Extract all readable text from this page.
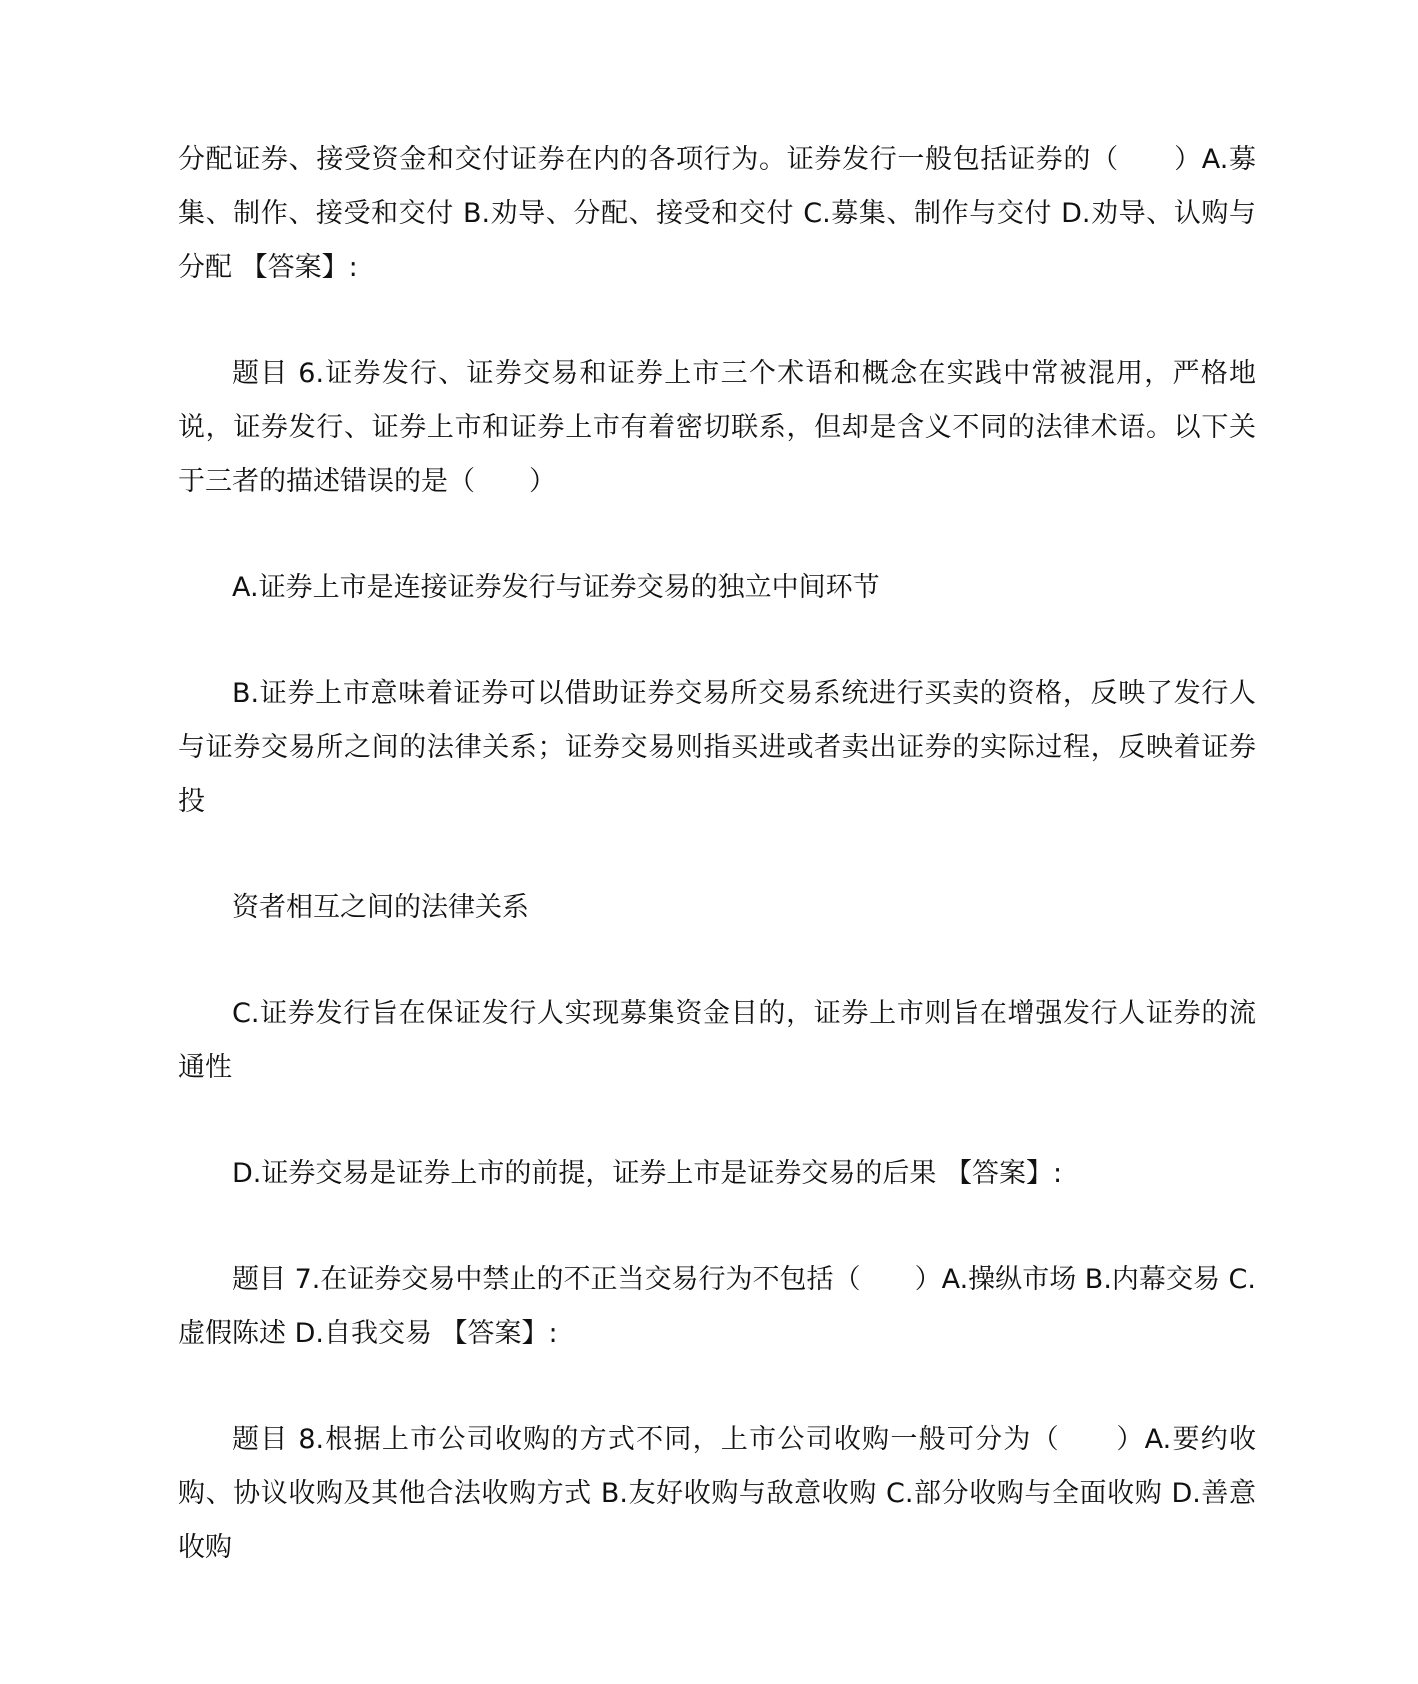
分配证券、接受资金和交付证券在内的各项行为。证券发行一般包括证券的（　　）A.募集、制作、接受和交付 B.劝导、分配、接受和交付 C.募集、制作与交付 D.劝导、认购与分配 【答案】:

题目 6.证券发行、证券交易和证券上市三个术语和概念在实践中常被混用，严格地说，证券发行、证券上市和证券上市有着密切联系，但却是含义不同的法律术语。以下关于三者的描述错误的是（　　）

A.证券上市是连接证券发行与证券交易的独立中间环节

B.证券上市意味着证券可以借助证券交易所交易系统进行买卖的资格，反映了发行人与证券交易所之间的法律关系；证券交易则指买进或者卖出证券的实际过程，反映着证券投

资者相互之间的法律关系

C.证券发行旨在保证发行人实现募集资金目的，证券上市则旨在增强发行人证券的流通性

D.证券交易是证券上市的前提，证券上市是证券交易的后果 【答案】:

题目 7.在证券交易中禁止的不正当交易行为不包括（　　）A.操纵市场 B.内幕交易 C.虚假陈述 D.自我交易 【答案】:

题目 8.根据上市公司收购的方式不同，上市公司收购一般可分为（　　）A.要约收购、协议收购及其他合法收购方式 B.友好收购与敌意收购 C.部分收购与全面收购 D.善意收购
